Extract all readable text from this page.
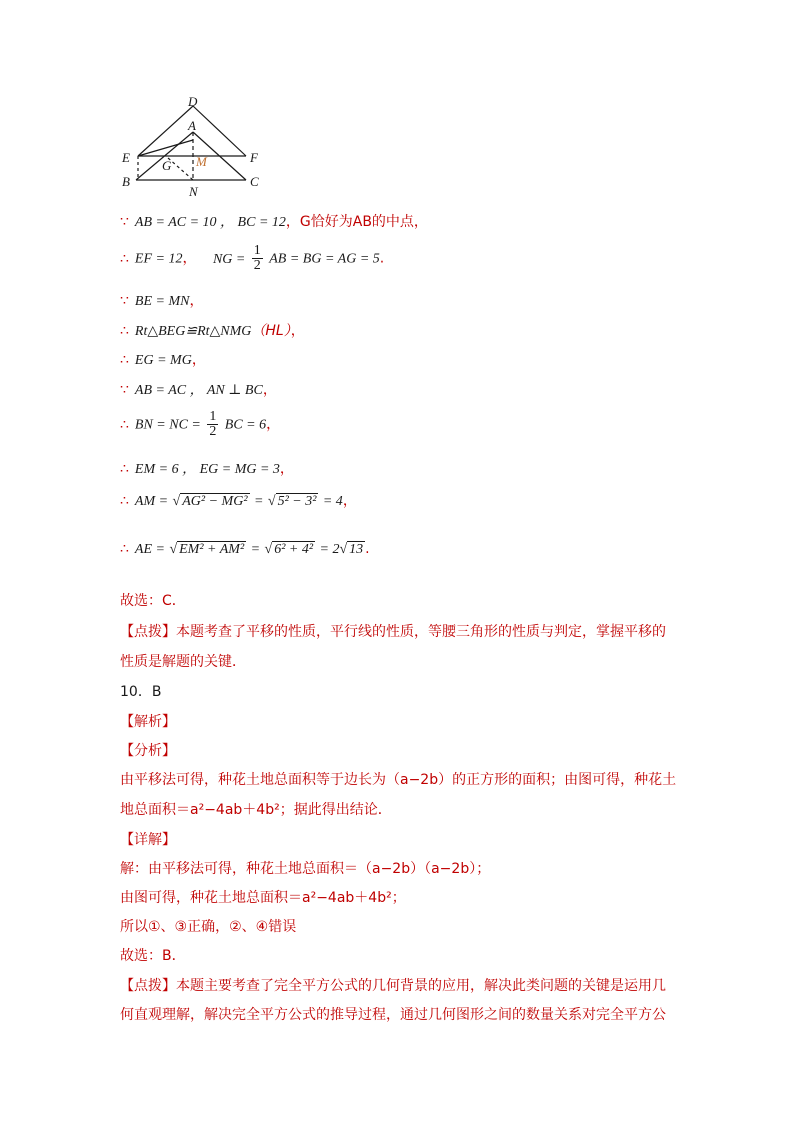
D
A
E	F
G M
B
N
C
∵ AB = AC = 10 ， BC = 12，G恰好为AB的中点，
∴ EF = 12， NG = $\frac{1}{2}$ AB = BG = AG = 5.
∵ BE = MN，
∴ Rt△BEG≌Rt△NMG（HL），
∴ EG = MG，
∵ AB = AC ， AN ⊥ BC，
∴ BN = NC = $\frac{1}{2}$ BC = 6，
∴ EM = 6 ， EG = MG = 3，
∴ AM = √ AG² − MG² = √ 5² − 3² = 4，
∴ AE = √ EM² + AM² = √ 6² + 4² = 2√ 13 .
故选：C．
【点拨】本题考查了平移的性质，平行线的性质，等腰三角形的性质与判定，掌握平移的
性质是解题的关键．
10．B
【解析】
【分析】
由平移法可得，种花土地总面积等于边长为（a−2b）的正方形的面积；由图可得，种花土
地总面积＝a²−4ab＋4b²；据此得出结论．
【详解】
解：由平移法可得，种花土地总面积＝（a−2b）（a−2b）；
由图可得，种花土地总面积＝a²−4ab＋4b²；
所以①、③正确，②、④错误
故选：B．
【点拨】本题主要考查了完全平方公式的几何背景的应用，解决此类问题的关键是运用几
何直观理解，解决完全平方公式的推导过程，通过几何图形之间的数量关系对完全平方公
